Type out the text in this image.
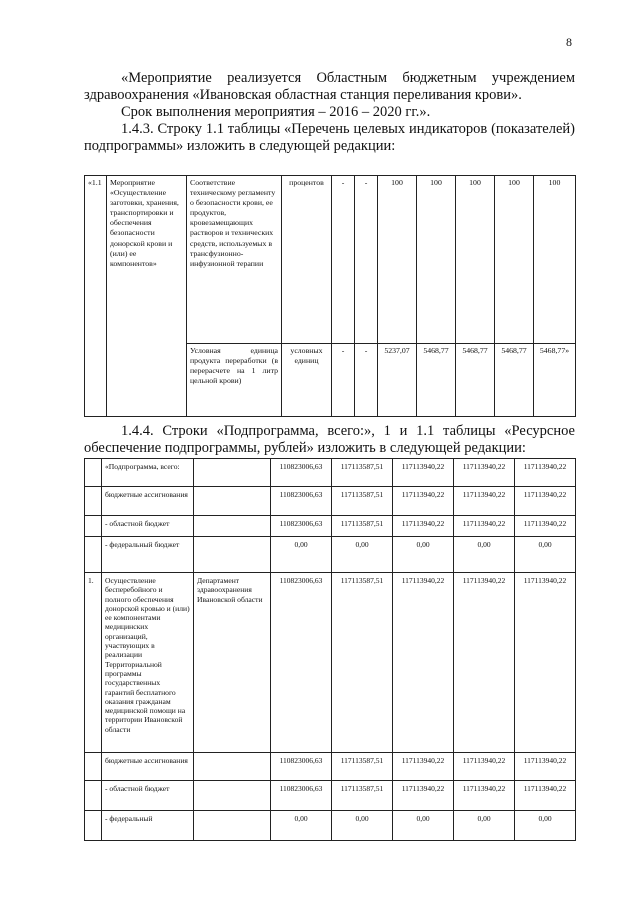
8

«Мероприятие реализуется Областным бюджетным учреждением здравоохранения «Ивановская областная станция переливания крови».

Срок выполнения мероприятия – 2016 – 2020 гг.».

1.4.3. Строку 1.1 таблицы «Перечень целевых индикаторов (показателей) подпрограммы» изложить в следующей редакции:

«1.1	Мероприятие «Осуществление заготовки, хранения, транспортировки и обеспечения безопасности донорской крови и (или) ее компонентов»	Соответствие техническому регламенту о безопасности крови, ее продуктов, кровезамещающих растворов и технических средств, используемых в трансфузионно-инфузионной терапии	процентов	-	-	100	100	100	100	100
		Условная единица продукта переработки (в перерасчете на 1 литр цельной крови)	условных единиц	-	-	5237,07	5468,77	5468,77	5468,77	5468,77»

1.4.4. Строки «Подпрограмма, всего:», 1 и 1.1 таблицы «Ресурсное обеспечение подпрограммы, рублей» изложить в следующей редакции:

	«Подпрограмма, всего:		110823006,63	117113587,51	117113940,22	117113940,22	117113940,22
	бюджетные ассигнования		110823006,63	117113587,51	117113940,22	117113940,22	117113940,22
	- областной бюджет		110823006,63	117113587,51	117113940,22	117113940,22	117113940,22
	- федеральный бюджет		0,00	0,00	0,00	0,00	0,00
1.	Осуществление бесперебойного и полного обеспечения донорской кровью и (или) ее компонентами медицинских организаций, участвующих в реализации Территориальной программы государственных гарантий бесплатного оказания гражданам медицинской помощи на территории Ивановской области	Департамент здравоохранения Ивановской области	110823006,63	117113587,51	117113940,22	117113940,22	117113940,22
	бюджетные ассигнования		110823006,63	117113587,51	117113940,22	117113940,22	117113940,22
	- областной бюджет		110823006,63	117113587,51	117113940,22	117113940,22	117113940,22
	- федеральный		0,00	0,00	0,00	0,00	0,00
